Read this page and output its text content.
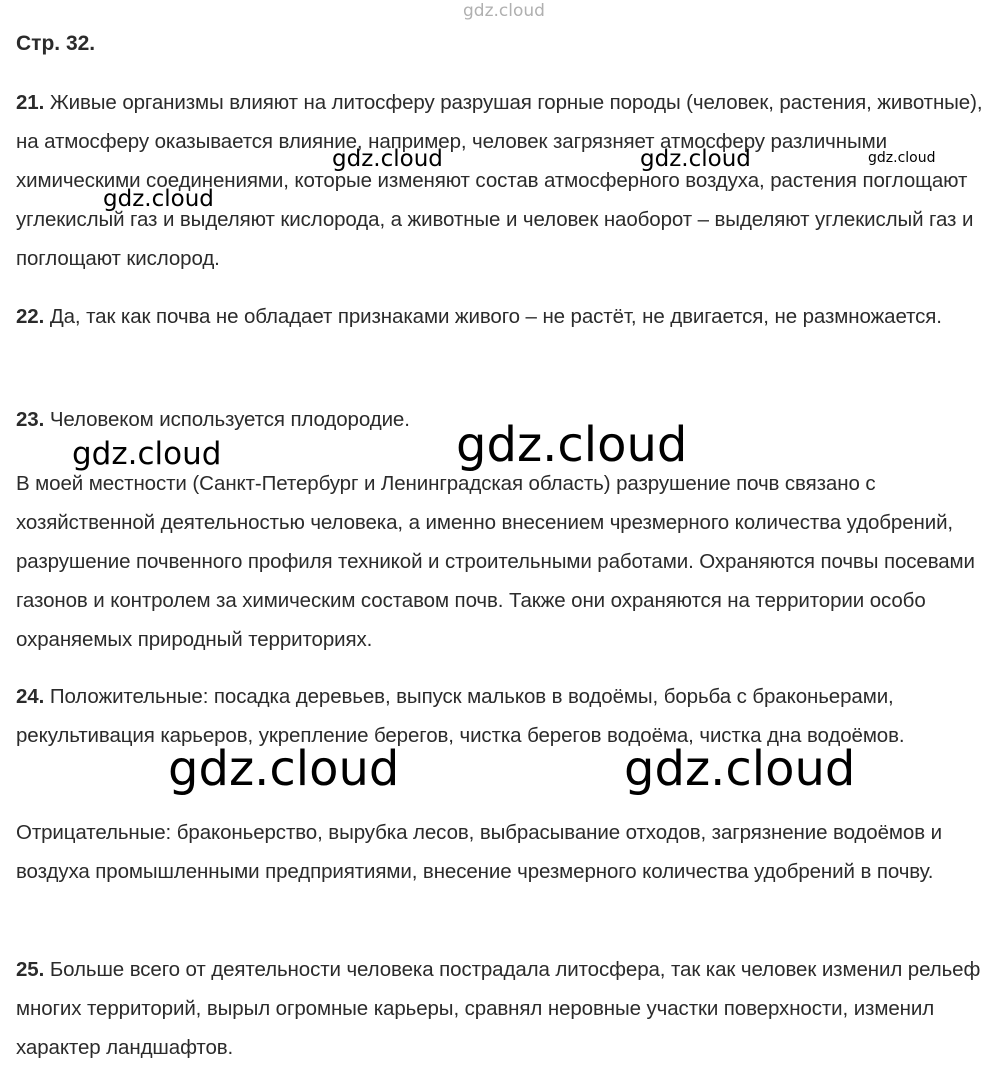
Стр. 32.

21. Живые организмы влияют на литосферу разрушая горные породы (человек, растения, животные), на атмосферу оказывается влияние, например, человек загрязняет атмосферу различными химическими соединениями, которые изменяют состав атмосферного воздуха, растения поглощают углекислый газ и выделяют кислорода, а животные и человек наоборот – выделяют углекислый газ и поглощают кислород.

22. Да, так как почва не обладает признаками живого – не растёт, не двигается, не размножается.

23. Человеком используется плодородие.

В моей местности (Санкт-Петербург и Ленинградская область) разрушение почв связано с хозяйственной деятельностью человека, а именно внесением чрезмерного количества удобрений, разрушение почвенного профиля техникой и строительными работами. Охраняются почвы посевами газонов и контролем за химическим составом почв. Также они охраняются на территории особо охраняемых природный территориях.

24. Положительные: посадка деревьев, выпуск мальков в водоёмы, борьба с браконьерами, рекультивация карьеров, укрепление берегов, чистка берегов водоёма, чистка дна водоёмов.

Отрицательные: браконьерство, вырубка лесов, выбрасывание отходов, загрязнение водоёмов и воздуха промышленными предприятиями, внесение чрезмерного количества удобрений в почву.

25. Больше всего от деятельности человека пострадала литосфера, так как человек изменил рельеф многих территорий, вырыл огромные карьеры, сравнял неровные участки поверхности, изменил характер ландшафтов.

gdz.cloud
gdz.cloud	gdz.cloud	gdz.cloud
gdz.cloud
gdz.cloud	gdz.cloud
gdz.cloud	gdz.cloud
